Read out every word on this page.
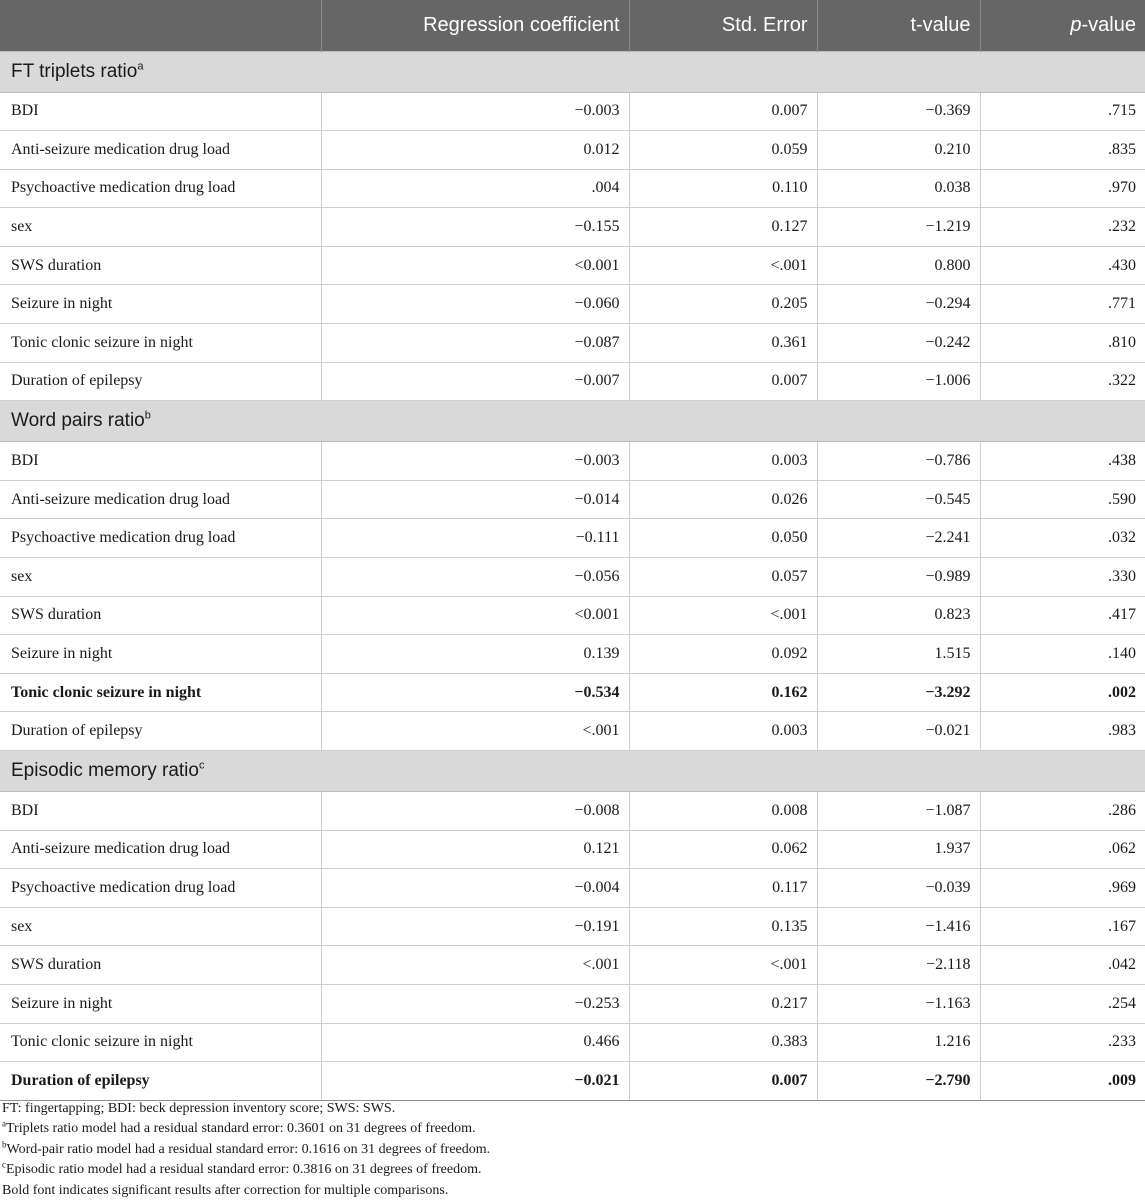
	Regression coefficient	Std. Error	t-value	p-value
FT triplets ratio$^a$
BDI	−0.003	0.007	−0.369	.715
Anti-seizure medication drug load	0.012	0.059	0.210	.835
Psychoactive medication drug load	.004	0.110	0.038	.970
sex	−0.155	0.127	−1.219	.232
SWS duration	<0.001	<.001	0.800	.430
Seizure in night	−0.060	0.205	−0.294	.771
Tonic clonic seizure in night	−0.087	0.361	−0.242	.810
Duration of epilepsy	−0.007	0.007	−1.006	.322
Word pairs ratio$^b$
BDI	−0.003	0.003	−0.786	.438
Anti-seizure medication drug load	−0.014	0.026	−0.545	.590
Psychoactive medication drug load	−0.111	0.050	−2.241	.032
sex	−0.056	0.057	−0.989	.330
SWS duration	<0.001	<.001	0.823	.417
Seizure in night	0.139	0.092	1.515	.140
Tonic clonic seizure in night	−0.534	0.162	−3.292	.002
Duration of epilepsy	<.001	0.003	−0.021	.983
Episodic memory ratio$^c$
BDI	−0.008	0.008	−1.087	.286
Anti-seizure medication drug load	0.121	0.062	1.937	.062
Psychoactive medication drug load	−0.004	0.117	−0.039	.969
sex	−0.191	0.135	−1.416	.167
SWS duration	<.001	<.001	−2.118	.042
Seizure in night	−0.253	0.217	−1.163	.254
Tonic clonic seizure in night	0.466	0.383	1.216	.233
Duration of epilepsy	−0.021	0.007	−2.790	.009
FT: fingertapping; BDI: beck depression inventory score; SWS: SWS.
$^a$Triplets ratio model had a residual standard error: 0.3601 on 31 degrees of freedom.
$^b$Word-pair ratio model had a residual standard error: 0.1616 on 31 degrees of freedom.
$^c$Episodic ratio model had a residual standard error: 0.3816 on 31 degrees of freedom.
Bold font indicates significant results after correction for multiple comparisons.
